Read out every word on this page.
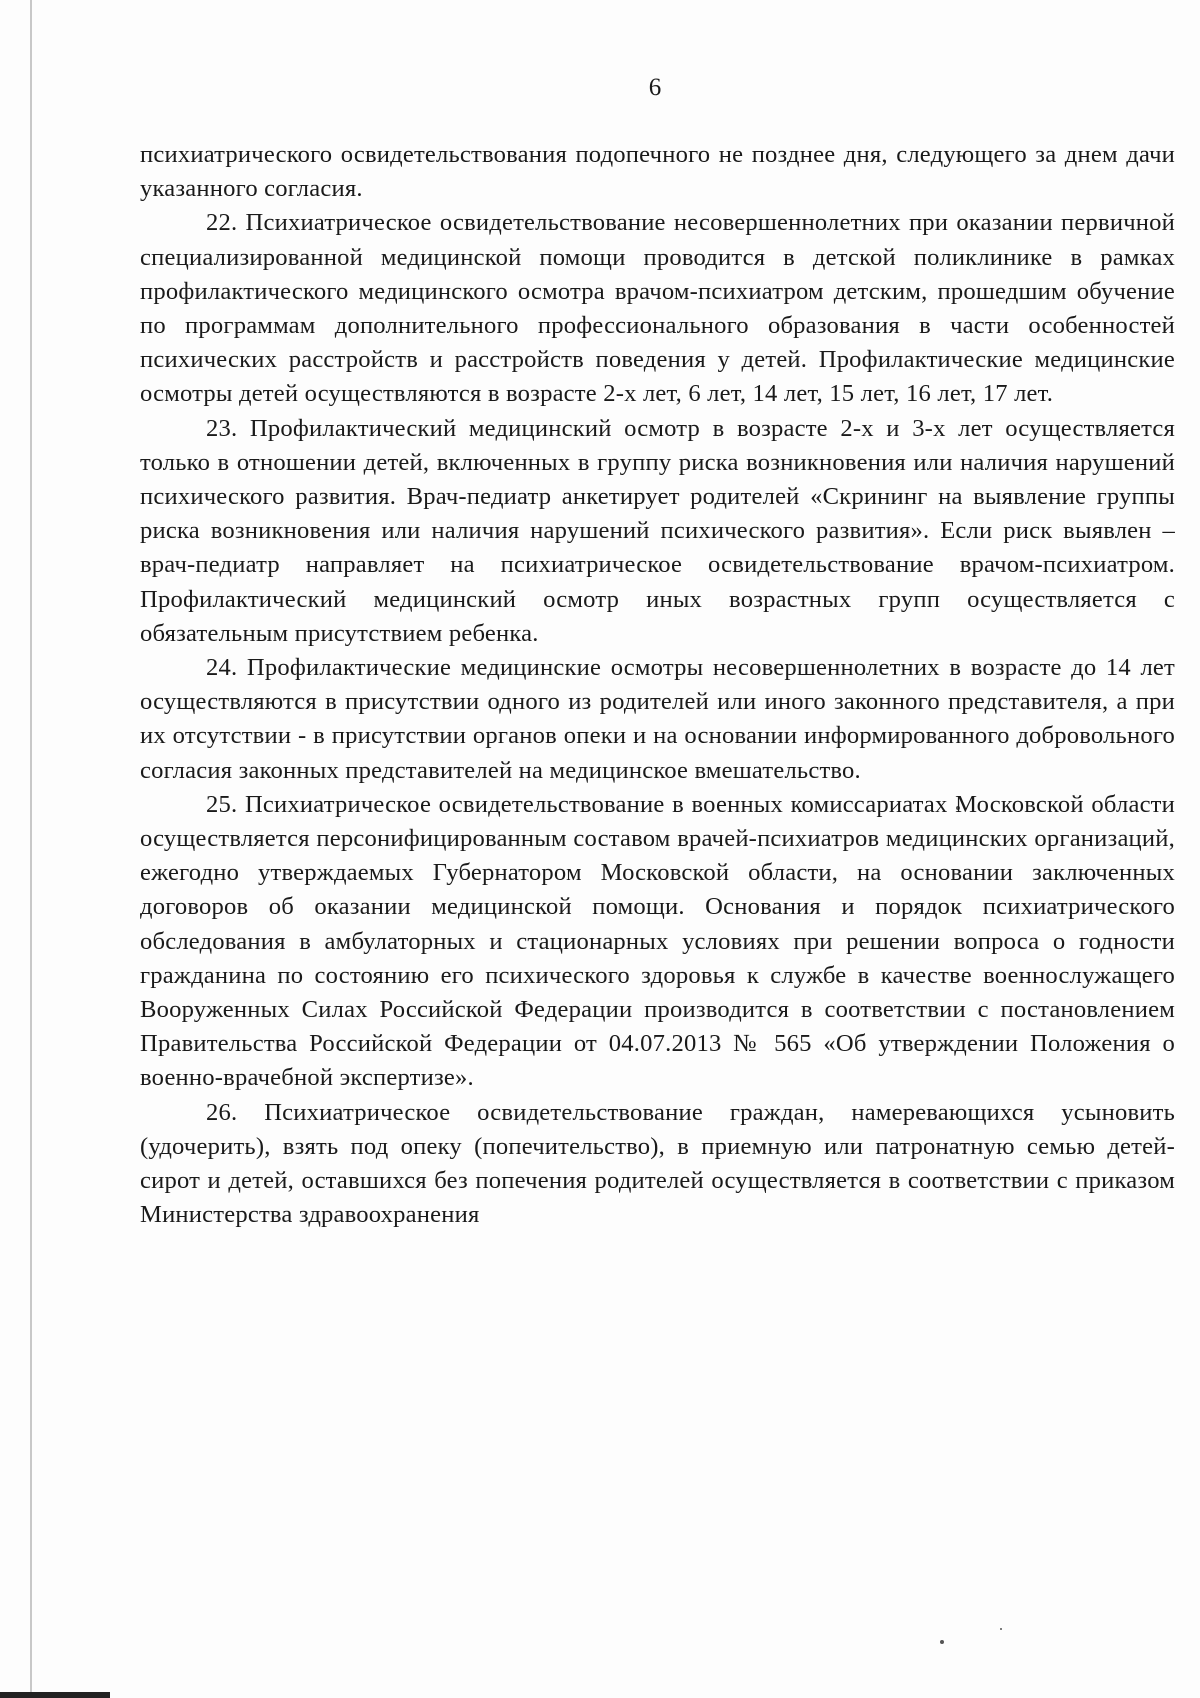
6

психиатрического освидетельствования подопечного не позднее дня, следующего за днем дачи указанного согласия.

22. Психиатрическое освидетельствование несовершеннолетних при оказании первичной специализированной медицинской помощи проводится в детской поликлинике в рамках профилактического медицинского осмотра врачом-психиатром детским, прошедшим обучение по программам дополнительного профессионального образования в части особенностей психических расстройств и расстройств поведения у детей. Профилактические медицинские осмотры детей осуществляются в возрасте 2-х лет, 6 лет, 14 лет, 15 лет, 16 лет, 17 лет.

23. Профилактический медицинский осмотр в возрасте 2-х и 3-х лет осуществляется только в отношении детей, включенных в группу риска возникновения или наличия нарушений психического развития. Врач-педиатр анкетирует родителей «Скрининг на выявление группы риска возникновения или наличия нарушений психического развития». Если риск выявлен – врач-педиатр направляет на психиатрическое освидетельствование врачом-психиатром. Профилактический медицинский осмотр иных возрастных групп осуществляется с обязательным присутствием ребенка.

24. Профилактические медицинские осмотры несовершеннолетних в возрасте до 14 лет осуществляются в присутствии одного из родителей или иного законного представителя, а при их отсутствии - в присутствии органов опеки и на основании информированного добровольного согласия законных представителей на медицинское вмешательство.

25. Психиатрическое освидетельствование в военных комиссариатах Московской области осуществляется персонифицированным составом врачей-психиатров медицинских организаций, ежегодно утверждаемых Губернатором Московской области, на основании заключенных договоров об оказании медицинской помощи. Основания и порядок психиатрического обследования в амбулаторных и стационарных условиях при решении вопроса о годности гражданина по состоянию его психического здоровья к службе в качестве военнослужащего Вооруженных Силах Российской Федерации производится в соответствии с постановлением Правительства Российской Федерации от 04.07.2013 № 565 «Об утверждении Положения о военно-врачебной экспертизе».

26. Психиатрическое освидетельствование граждан, намеревающихся усыновить (удочерить), взять под опеку (попечительство), в приемную или патронатную семью детей-сирот и детей, оставшихся без попечения родителей осуществляется в соответствии с приказом Министерства здравоохранения
